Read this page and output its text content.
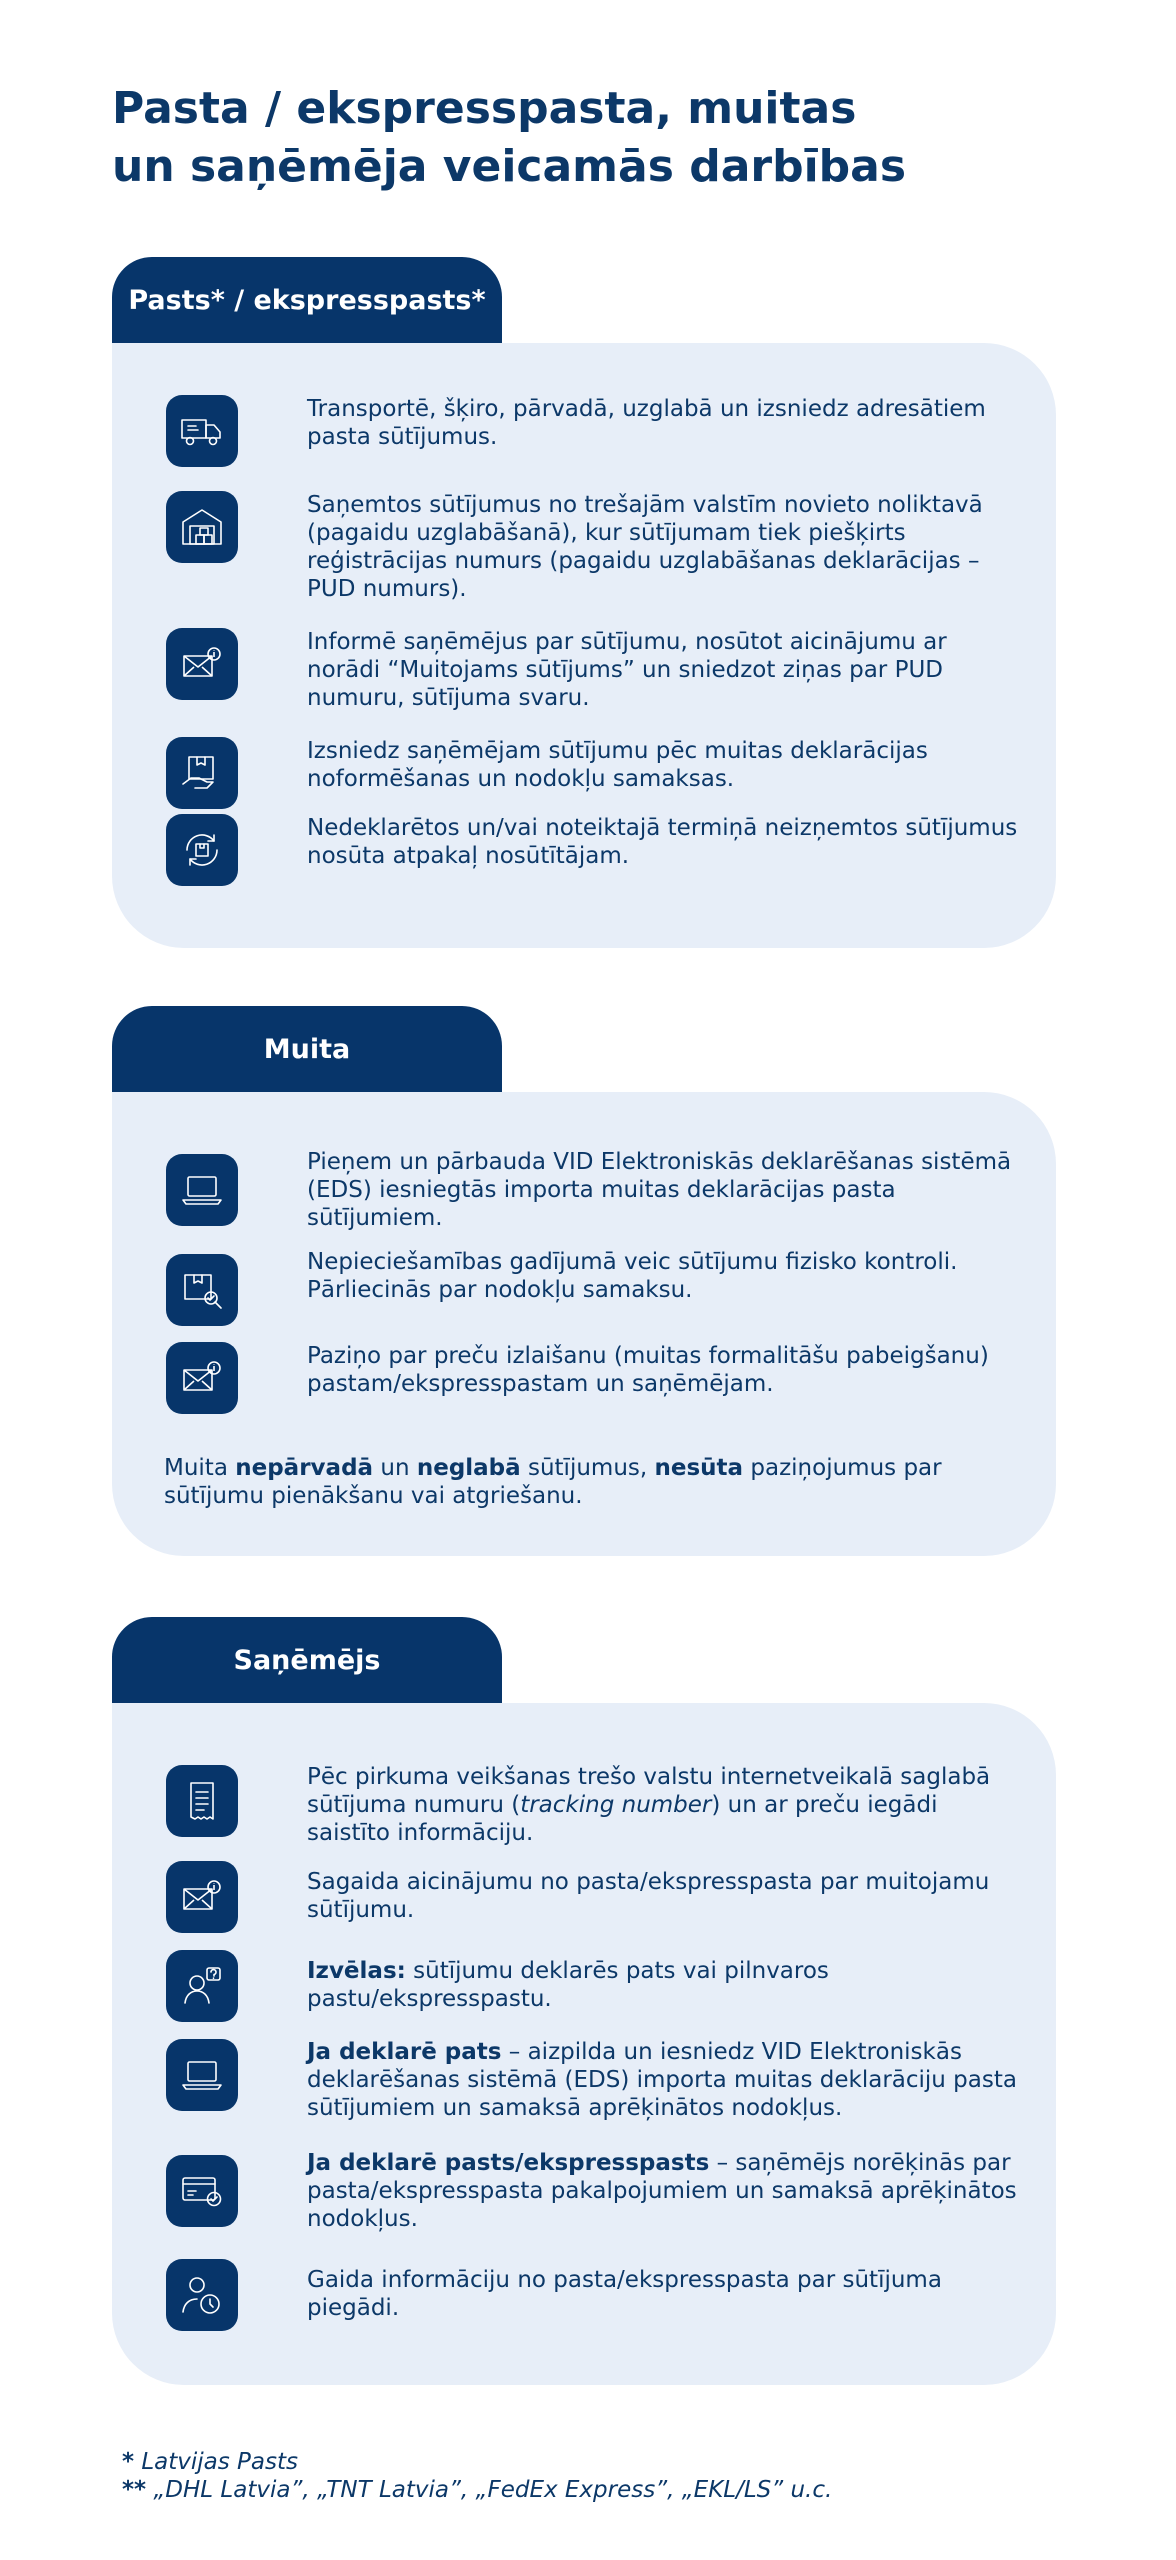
Pasta / ekspresspasta, muitas
un saņēmēja veicamās darbības
Pasts* / ekspresspasts*
Transportē, šķiro, pārvadā, uzglabā un izsniedz adresātiem pasta sūtījumus.
Saņemtos sūtījumus no trešajām valstīm novieto noliktavā (pagaidu uzglabāšanā), kur sūtījumam tiek piešķirts reģistrācijas numurs (pagaidu uzglabāšanas deklarācijas – PUD numurs).
Informē saņēmējus par sūtījumu, nosūtot aicinājumu ar norādi “Muitojams sūtījums” un sniedzot ziņas par PUD numuru, sūtījuma svaru.
Izsniedz saņēmējam sūtījumu pēc muitas deklarācijas noformēšanas un nodokļu samaksas.
Nedeklarētos un/vai noteiktajā termiņā neizņemtos sūtījumus nosūta atpakaļ nosūtītājam.
Muita
Pieņem un pārbauda VID Elektroniskās deklarēšanas sistēmā (EDS) iesniegtās importa muitas deklarācijas pasta sūtījumiem.
Nepieciešamības gadījumā veic sūtījumu fizisko kontroli. Pārliecinās par nodokļu samaksu.
Paziņo par preču izlaišanu (muitas formalitāšu pabeigšanu) pastam/ekspresspastam un saņēmējam.
Muita nepārvadā un neglabā sūtījumus, nesūta paziņojumus par sūtījumu pienākšanu vai atgriešanu.
Saņēmējs
Pēc pirkuma veikšanas trešo valstu internetveikalā saglabā sūtījuma numuru (tracking number) un ar preču iegādi saistīto informāciju.
Sagaida aicinājumu no pasta/ekspresspasta par muitojamu sūtījumu.
Izvēlas: sūtījumu deklarēs pats vai pilnvaros pastu/ekspresspastu.
Ja deklarē pats – aizpilda un iesniedz VID Elektroniskās deklarēšanas sistēmā (EDS) importa muitas deklarāciju pasta sūtījumiem un samaksā aprēķinātos nodokļus.
Ja deklarē pasts/ekspresspasts – saņēmējs norēķinās par pasta/ekspresspasta pakalpojumiem un samaksā aprēķinātos nodokļus.
Gaida informāciju no pasta/ekspresspasta par sūtījuma piegādi.
* Latvijas Pasts
** „DHL Latvia”, „TNT Latvia”, „FedEx Express”, „EKL/LS” u.c.
